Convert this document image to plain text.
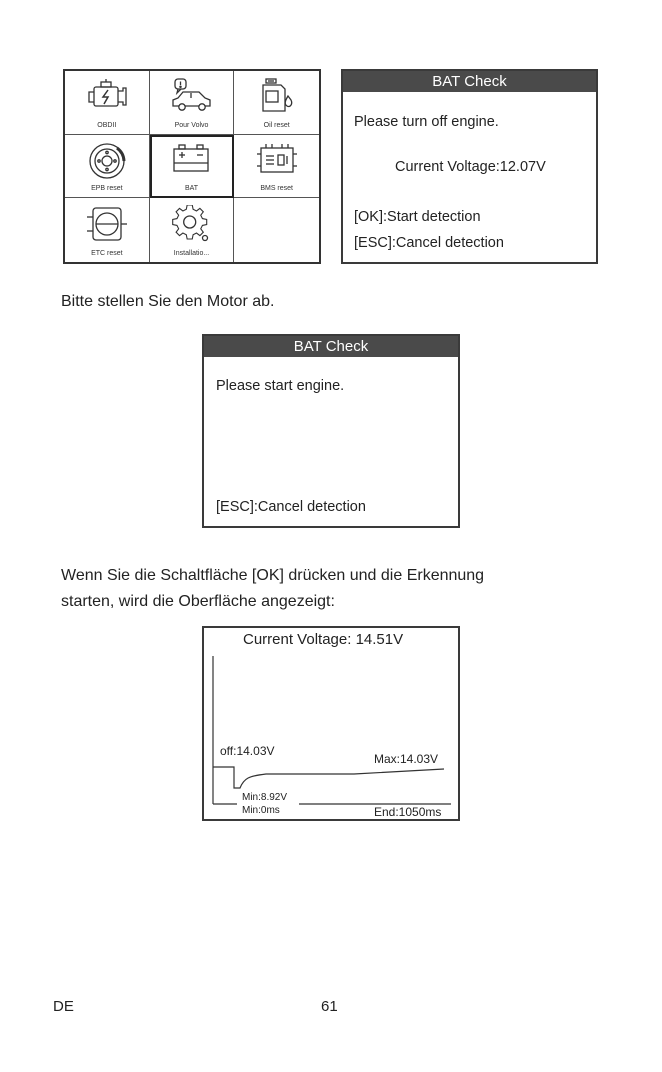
OBDII	Pour Volvo	Oil reset
EPB reset	BAT	BMS reset
ETC reset	Installatio...
BAT Check
Please turn off engine.
Current Voltage:12.07V
[OK]:Start detection
[ESC]:Cancel detection
Bitte stellen Sie den Motor ab.
BAT Check
Please start engine.
[ESC]:Cancel detection
Wenn Sie die Schaltfläche [OK] drücken und die Erkennung
starten, wird die Oberfläche angezeigt:
Current Voltage: 14.51V
off:14.03V
Max:14.03V
Min:8.92V
Min:0ms	End:1050ms
DE	61
